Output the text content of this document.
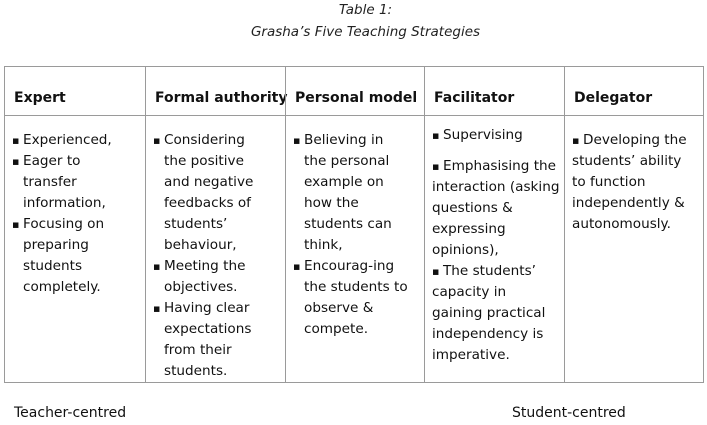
Table 1:
Grasha’s Five Teaching Strategies
Expert

▪ Experienced,

▪ Eager to transfer information,

▪ Focusing on preparing students completely.

Formal authority

▪ Considering the positive and negative feedbacks of students’ behaviour,

▪ Meeting the objectives.

▪ Having clear expectations from their students.

Personal model

▪ Believing in the personal example on how the students can think,

▪ Encourag-ing the students to observe & compete.

Facilitator

▪ Supervising

▪ Emphasising the interaction (asking questions & expressing opinions),

▪ The students’ capacity in gaining practical independency is imperative.

Delegator

▪ Developing the students’ ability to function independently & autonomously.

Teacher-centred	Student-centred
